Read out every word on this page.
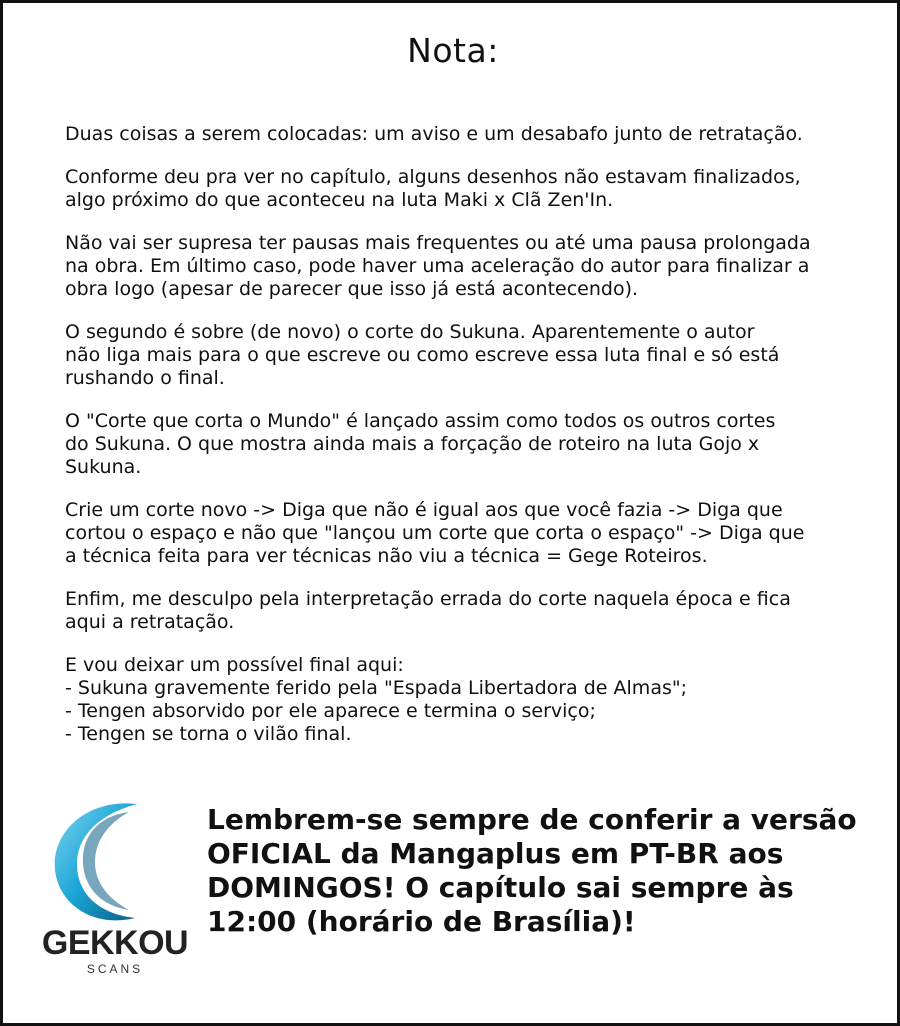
Nota:

Duas coisas a serem colocadas: um aviso e um desabafo junto de retratação.

Conforme deu pra ver no capítulo, alguns desenhos não estavam finalizados,
algo próximo do que aconteceu na luta Maki x Clã Zen'In.

Não vai ser supresa ter pausas mais frequentes ou até uma pausa prolongada
na obra. Em último caso, pode haver uma aceleração do autor para finalizar a
obra logo (apesar de parecer que isso já está acontecendo).

O segundo é sobre (de novo) o corte do Sukuna. Aparentemente o autor
não liga mais para o que escreve ou como escreve essa luta final e só está
rushando o final.

O "Corte que corta o Mundo" é lançado assim como todos os outros cortes
do Sukuna. O que mostra ainda mais a forçação de roteiro na luta Gojo x
Sukuna.

Crie um corte novo -> Diga que não é igual aos que você fazia -> Diga que
cortou o espaço e não que "lançou um corte que corta o espaço" -> Diga que
a técnica feita para ver técnicas não viu a técnica = Gege Roteiros.

Enfim, me desculpo pela interpretação errada do corte naquela época e fica
aqui a retratação.

E vou deixar um possível final aqui:
- Sukuna gravemente ferido pela "Espada Libertadora de Almas";
- Tengen absorvido por ele aparece e termina o serviço;
- Tengen se torna o vilão final.
GEKKOU
SCANS
Lembrem-se sempre de conferir a versão
OFICIAL da Mangaplus em PT-BR aos
DOMINGOS! O capítulo sai sempre às
12:00 (horário de Brasília)!
